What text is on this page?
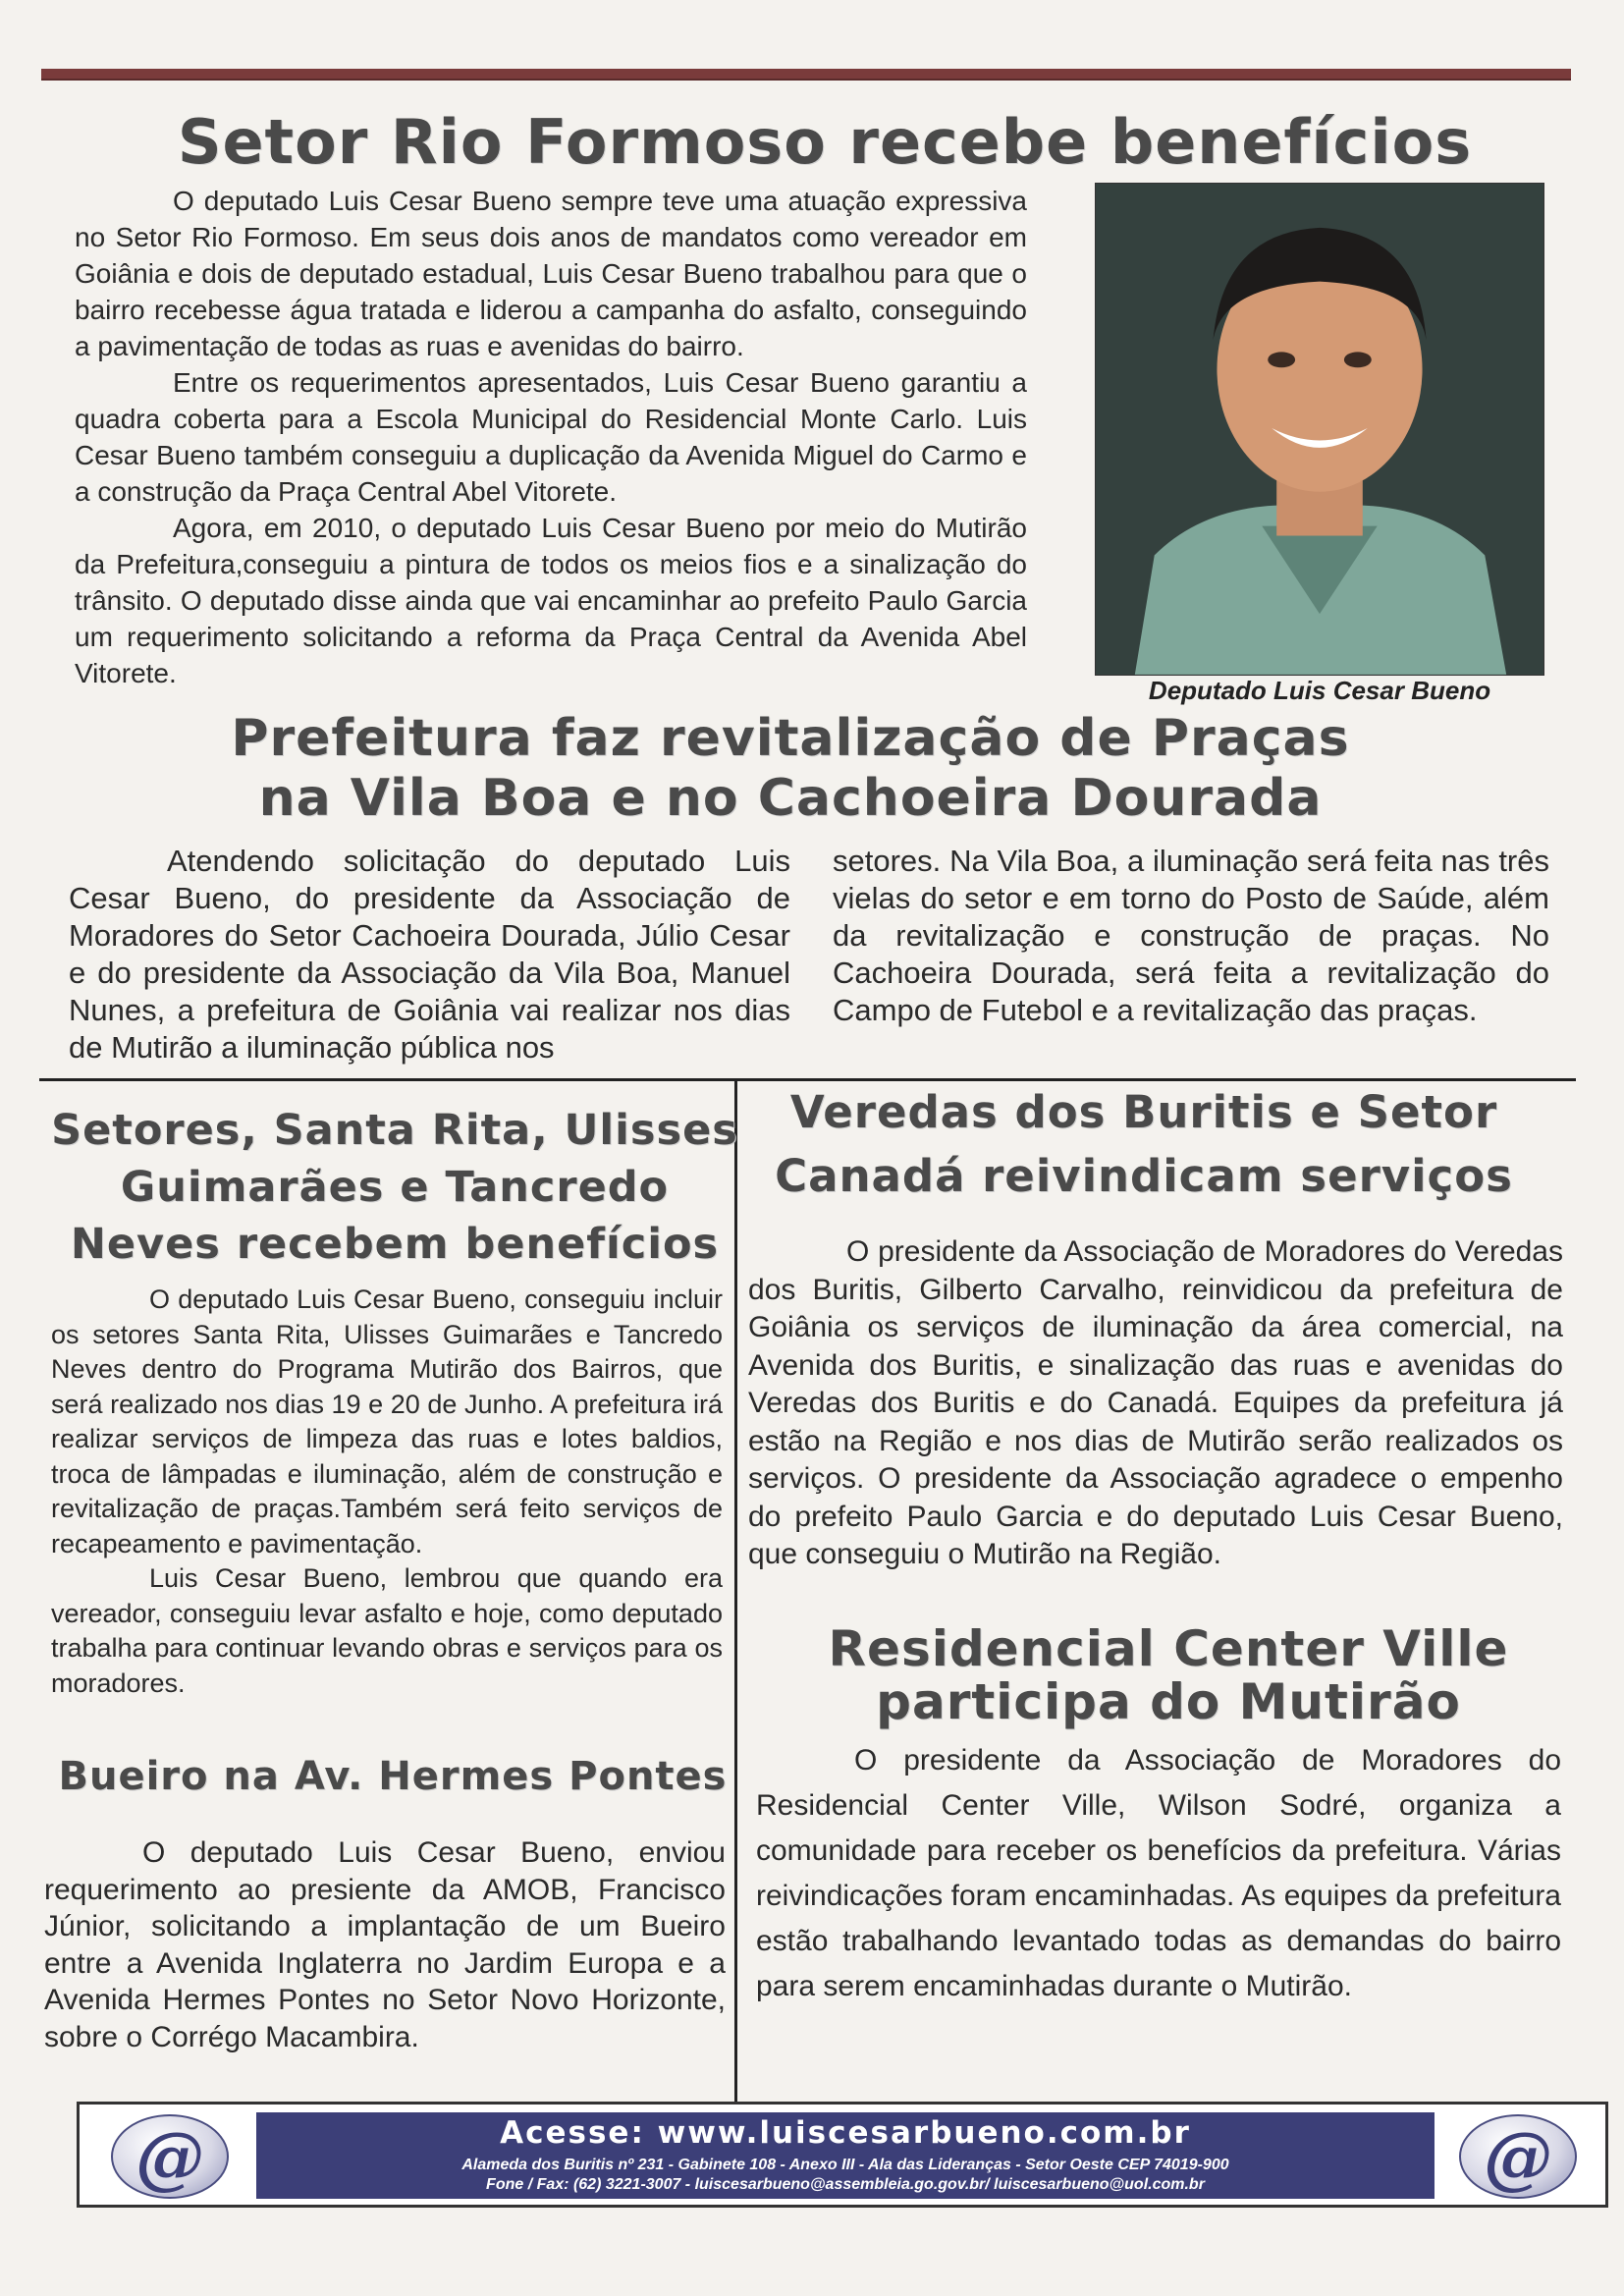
Setor Rio Formoso recebe benefícios

O deputado Luis Cesar Bueno sempre teve uma atuação expressiva no Setor Rio Formoso. Em seus dois anos de mandatos como vereador em Goiânia e dois de deputado estadual, Luis Cesar Bueno trabalhou para que o bairro recebesse água tratada e liderou a campanha do asfalto, conseguindo a pavimentação de todas as ruas e avenidas do bairro.

Entre os requerimentos apresentados, Luis Cesar Bueno garantiu a quadra coberta para a Escola Municipal do Residencial Monte Carlo. Luis Cesar Bueno também conseguiu a duplicação da Avenida Miguel do Carmo e a construção da Praça Central Abel Vitorete.

Agora, em 2010, o deputado Luis Cesar Bueno por meio do Mutirão da Prefeitura,conseguiu a pintura de todos os meios fios e a sinalização do trânsito. O deputado disse ainda que vai encaminhar ao prefeito Paulo Garcia um requerimento solicitando a reforma da Praça Central da Avenida Abel Vitorete.

Deputado Luis Cesar Bueno
Prefeitura faz revitalização de Praças
na Vila Boa e no Cachoeira Dourada
Atendendo solicitação do deputado Luis Cesar Bueno, do presidente da Associação de Moradores do Setor Cachoeira Dourada, Júlio Cesar e do presidente da Associação da Vila Boa, Manuel Nunes, a prefeitura de Goiânia vai realizar nos dias de Mutirão a iluminação pública nos
setores. Na Vila Boa, a iluminação será feita nas três vielas do setor e em torno do Posto de Saúde, além da revitalização e construção de praças. No Cachoeira Dourada, será feita a revitalização do Campo de Futebol e a revitalização das praças.
Setores, Santa Rita, Ulisses
Guimarães e Tancredo
Neves recebem benefícios

O deputado Luis Cesar Bueno, conseguiu incluir os setores Santa Rita, Ulisses Guimarães e Tancredo Neves dentro do Programa Mutirão dos Bairros, que será realizado nos dias 19 e 20 de Junho. A prefeitura irá realizar serviços de limpeza das ruas e lotes baldios, troca de lâmpadas e iluminação, além de construção e revitalização de praças.Também será feito serviços de recapeamento e pavimentação.

Luis Cesar Bueno, lembrou que quando era vereador, conseguiu levar asfalto e hoje, como deputado trabalha para continuar levando obras e serviços para os moradores.

Bueiro na Av. Hermes Pontes

O deputado Luis Cesar Bueno, enviou requerimento ao presiente da AMOB, Francisco Júnior, solicitando a implantação de um Bueiro entre a Avenida Inglaterra no Jardim Europa e a Avenida Hermes Pontes no Setor Novo Horizonte, sobre o Corrégo Macambira.

Veredas dos Buritis e Setor
Canadá reivindicam serviços

O presidente da Associação de Moradores do Veredas dos Buritis, Gilberto Carvalho, reinvidicou da prefeitura de Goiânia os serviços de iluminação da área comercial, na Avenida dos Buritis, e sinalização das ruas e avenidas do Veredas dos Buritis e do Canadá. Equipes da prefeitura já estão na Região e nos dias de Mutirão serão realizados os serviços. O presidente da Associação agradece o empenho do prefeito Paulo Garcia e do deputado Luis Cesar Bueno, que conseguiu o Mutirão na Região.

Residencial Center Ville
participa do Mutirão

O presidente da Associação de Moradores do Residencial Center Ville, Wilson Sodré, organiza a comunidade para receber os benefícios da prefeitura. Várias reivindicações foram encaminhadas. As equipes da prefeitura estão trabalhando levantado todas as demandas do bairro para serem encaminhadas durante o Mutirão.

@	Acesse: www.luiscesarbueno.com.br
Alameda dos Buritis nº 231 - Gabinete 108 - Anexo III - Ala das Lideranças - Setor Oeste CEP 74019-900
Fone / Fax: (62) 3221-3007 - luiscesarbueno@assembleia.go.gov.br/ luiscesarbueno@uol.com.br	@
